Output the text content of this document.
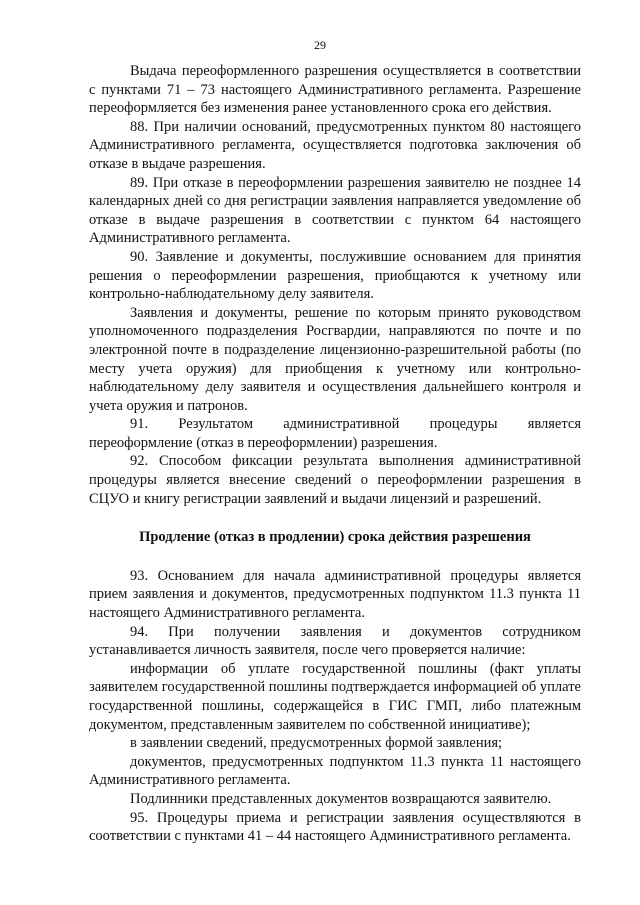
29

Выдача переоформленного разрешения осуществляется в соответствии с пунктами 71 – 73 настоящего Административного регламента. Разрешение переоформляется без изменения ранее установленного срока его действия.

88. При наличии оснований, предусмотренных пунктом 80 настоящего Административного регламента, осуществляется подготовка заключения об отказе в выдаче разрешения.

89. При отказе в переоформлении разрешения заявителю не позднее 14 календарных дней со дня регистрации заявления направляется уведомление об отказе в выдаче разрешения в соответствии с пунктом 64 настоящего Административного регламента.

90. Заявление и документы, послужившие основанием для принятия решения о переоформлении разрешения, приобщаются к учетному или контрольно-наблюдательному делу заявителя.

Заявления и документы, решение по которым принято руководством уполномоченного подразделения Росгвардии, направляются по почте и по электронной почте в подразделение лицензионно-разрешительной работы (по месту учета оружия) для приобщения к учетному или контрольно-наблюдательному делу заявителя и осуществления дальнейшего контроля и учета оружия и патронов.

91. Результатом административной процедуры является переоформление (отказ в переоформлении) разрешения.

92. Способом фиксации результата выполнения административной процедуры является внесение сведений о переоформлении разрешения в СЦУО и книгу регистрации заявлений и выдачи лицензий и разрешений.

Продление (отказ в продлении) срока действия разрешения

93. Основанием для начала административной процедуры является прием заявления и документов, предусмотренных подпунктом 11.3 пункта 11 настоящего Административного регламента.

94. При получении заявления и документов сотрудником устанавливается личность заявителя, после чего проверяется наличие:

информации об уплате государственной пошлины (факт уплаты заявителем государственной пошлины подтверждается информацией об уплате государственной пошлины, содержащейся в ГИС ГМП, либо платежным документом, представленным заявителем по собственной инициативе);

в заявлении сведений, предусмотренных формой заявления;

документов, предусмотренных подпунктом 11.3 пункта 11 настоящего Административного регламента.

Подлинники представленных документов возвращаются заявителю.

95. Процедуры приема и регистрации заявления осуществляются в соответствии с пунктами 41 – 44 настоящего Административного регламента.
